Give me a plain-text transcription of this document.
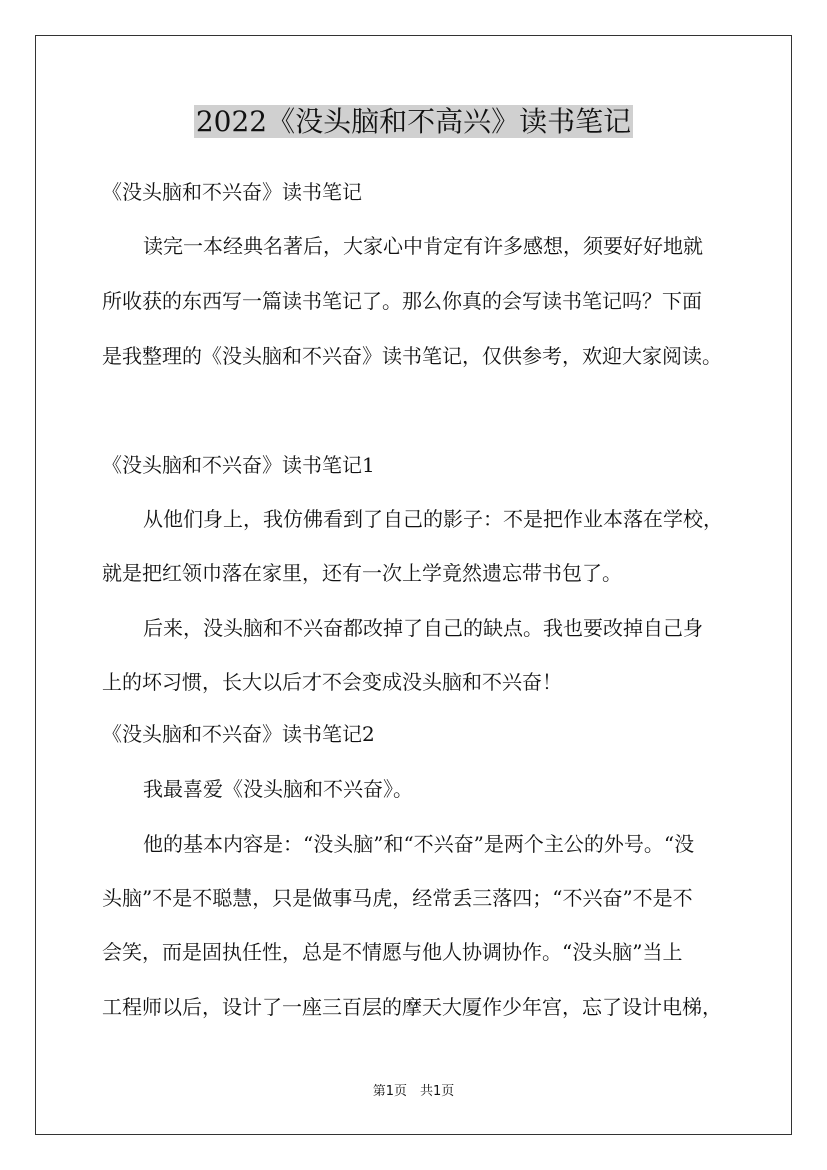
2022《没头脑和不高兴》读书笔记
《没头脑和不兴奋》读书笔记
读完一本经典名著后，大家心中肯定有许多感想，须要好好地就
所收获的东西写一篇读书笔记了。那么你真的会写读书笔记吗？下面
是我整理的《没头脑和不兴奋》读书笔记，仅供参考，欢迎大家阅读。
《没头脑和不兴奋》读书笔记1
从他们身上，我仿佛看到了自己的影子：不是把作业本落在学校，
就是把红领巾落在家里，还有一次上学竟然遗忘带书包了。
后来，没头脑和不兴奋都改掉了自己的缺点。我也要改掉自己身
上的坏习惯，长大以后才不会变成没头脑和不兴奋！
《没头脑和不兴奋》读书笔记2
我最喜爱《没头脑和不兴奋》。
他的基本内容是：“没头脑”和“不兴奋”是两个主公的外号。“没
头脑”不是不聪慧，只是做事马虎，经常丢三落四；“不兴奋”不是不
会笑，而是固执任性，总是不情愿与他人协调协作。“没头脑”当上
工程师以后，设计了一座三百层的摩天大厦作少年宫，忘了设计电梯，
第1页　共1页
